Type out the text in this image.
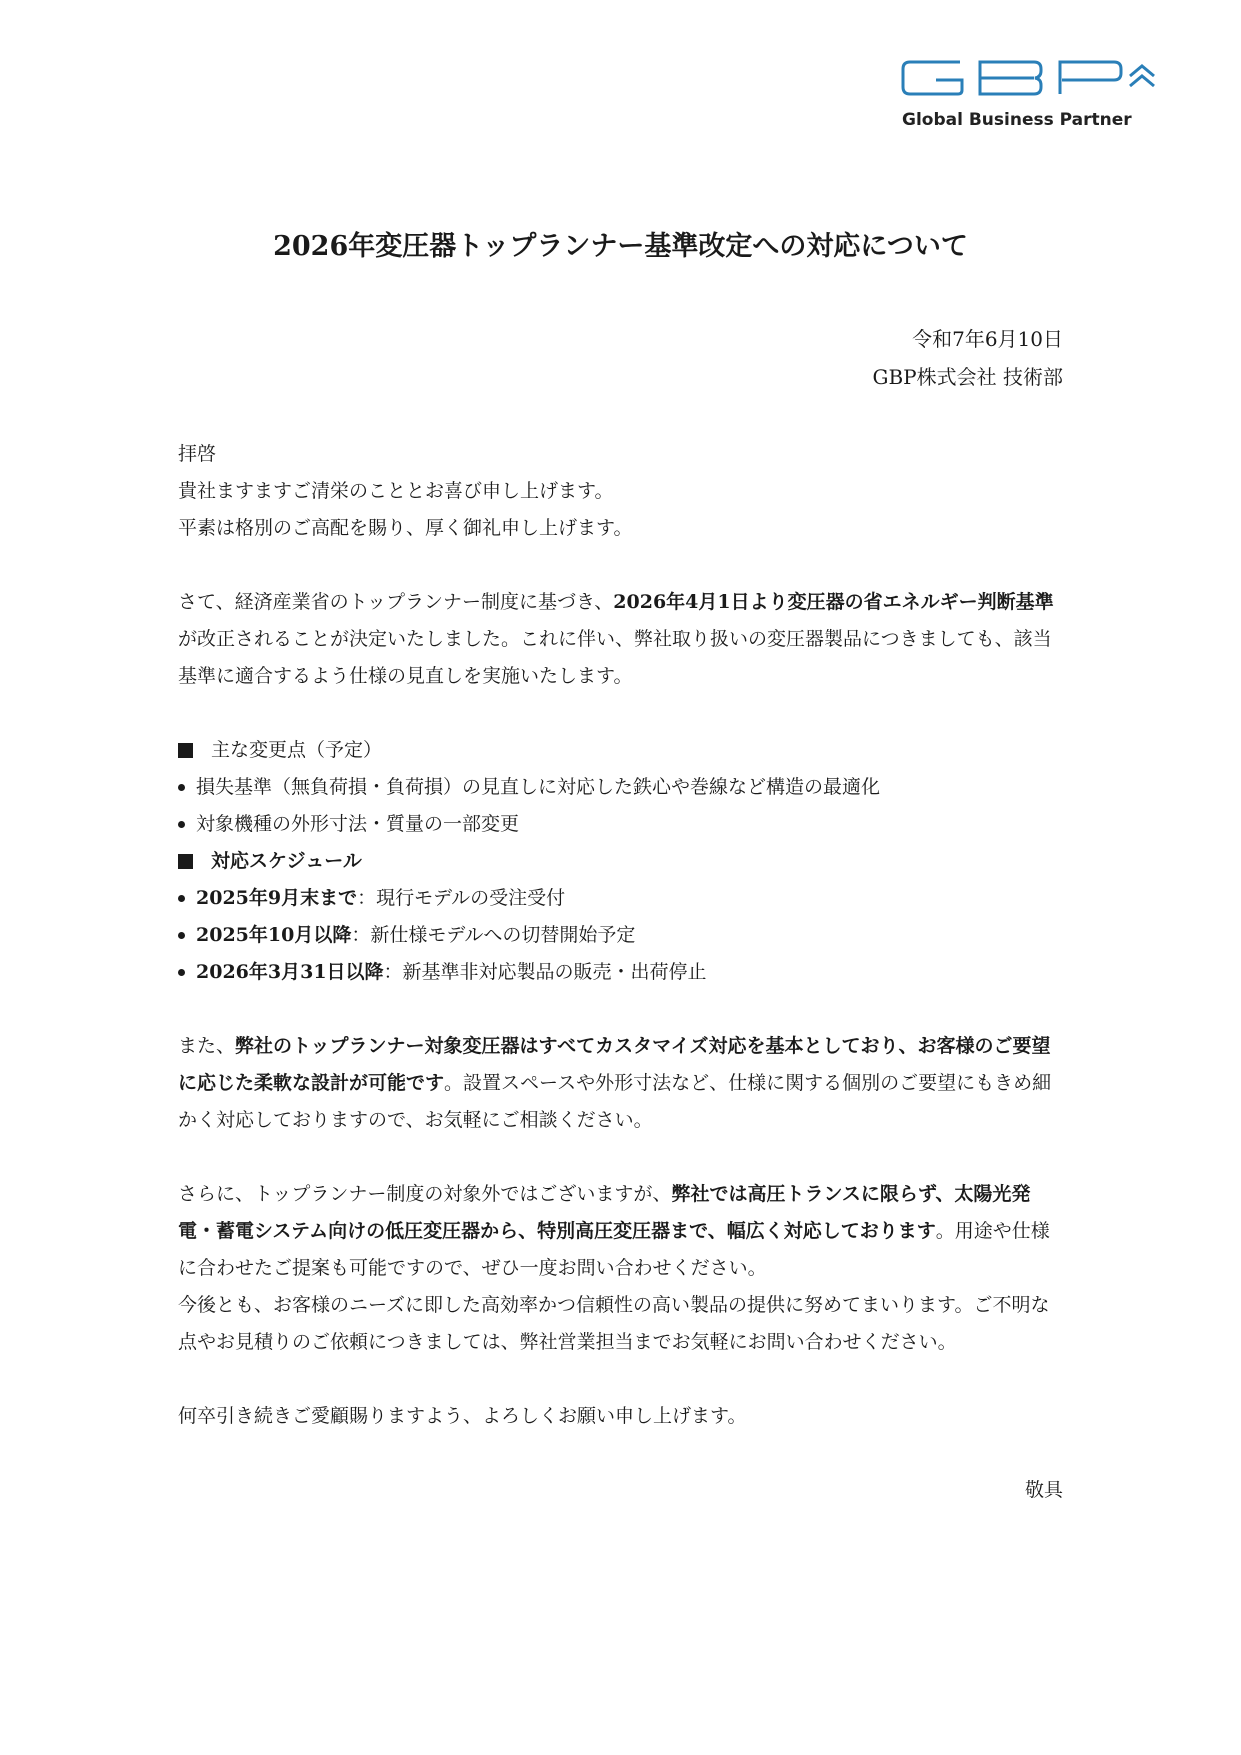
Global Business Partner
2026年変圧器トップランナー基準改定への対応について
令和7年6月10日
GBP株式会社 技術部

拝啓

貴社ますますご清栄のこととお喜び申し上げます。

平素は格別のご高配を賜り、厚く御礼申し上げます。

さて、経済産業省のトップランナー制度に基づき、2026年4月1日より変圧器の省エネルギー判断基準が改正されることが決定いたしました。これに伴い、弊社取り扱いの変圧器製品につきましても、該当基準に適合するよう仕様の見直しを実施いたします。

主な変更点（予定）

損失基準（無負荷損・負荷損）の見直しに対応した鉄心や巻線など構造の最適化

対象機種の外形寸法・質量の一部変更

対応スケジュール

2025年9月末まで ：現行モデルの受注受付

2025年10月以降 ：新仕様モデルへの切替開始予定

2026年3月31日以降 ：新基準非対応製品の販売・出荷停止

また、弊社のトップランナー対象変圧器はすべてカスタマイズ対応を基本としており、お客様のご要望に応じた柔軟な設計が可能です。設置スペースや外形寸法など、仕様に関する個別のご要望にもきめ細かく対応しておりますので、お気軽にご相談ください。

さらに、トップランナー制度の対象外ではございますが、弊社では高圧トランスに限らず、太陽光発電・蓄電システム向けの低圧変圧器から、特別高圧変圧器まで、幅広く対応しております。用途や仕様に合わせたご提案も可能ですので、ぜひ一度お問い合わせください。

今後とも、お客様のニーズに即した高効率かつ信頼性の高い製品の提供に努めてまいります。ご不明な点やお見積りのご依頼につきましては、弊社営業担当までお気軽にお問い合わせください。

何卒引き続きご愛顧賜りますよう、よろしくお願い申し上げます。

敬具
